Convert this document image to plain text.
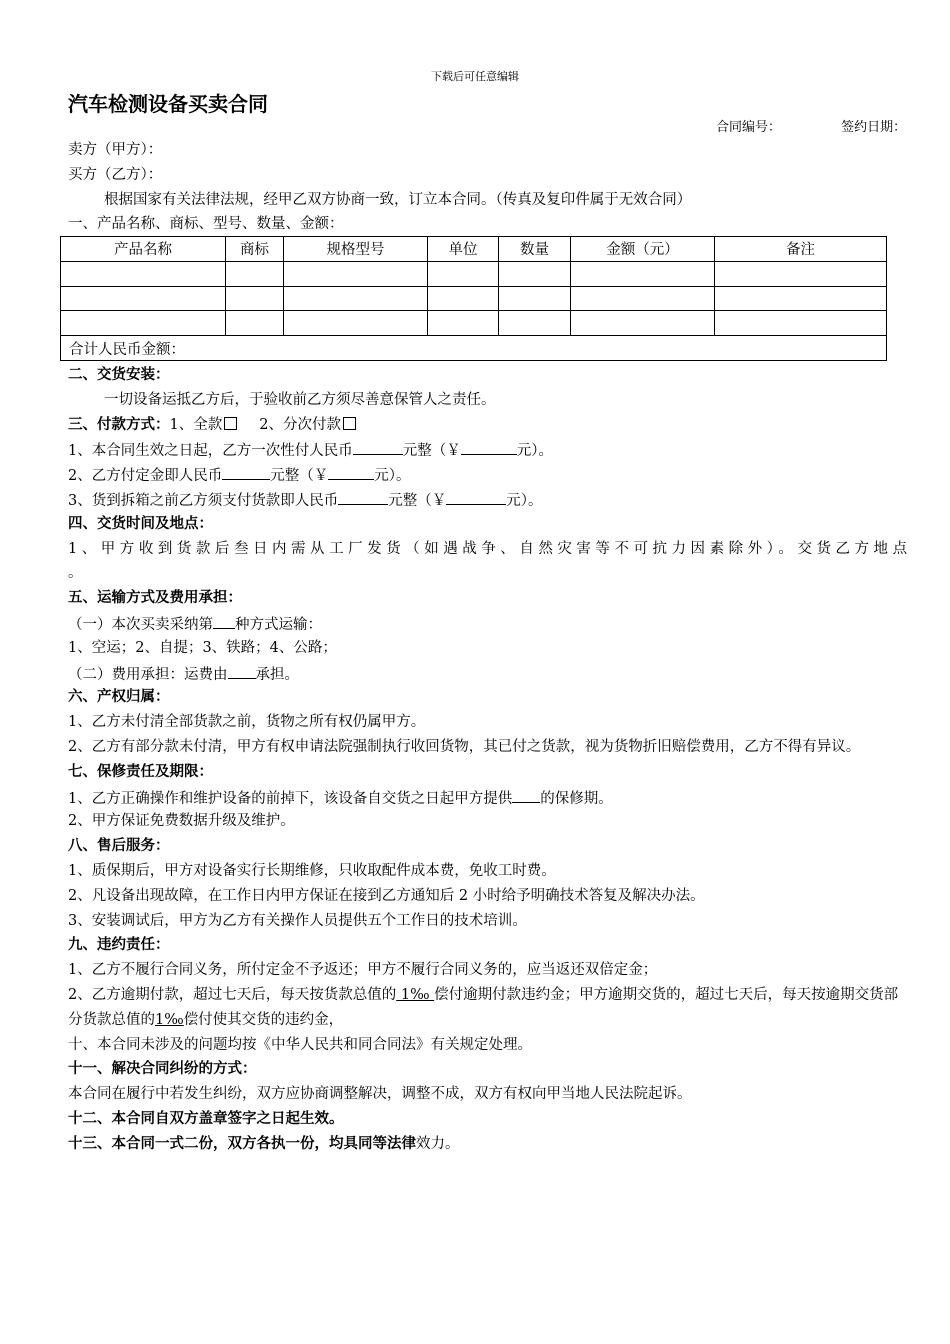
下载后可任意编辑
汽车检测设备买卖合同
合同编号：	签约日期：
卖方（甲方）：
买方（乙方）：
根据国家有关法律法规，经甲乙双方协商一致，订立本合同。（传真及复印件属于无效合同）
一、产品名称、商标、型号、数量、金额：
产品名称	商标	规格型号	单位	数量	金额（元）	备注

合计人民币金额：						
二、交货安装：
一切设备运抵乙方后，于验收前乙方须尽善意保管人之责任。
三、付款方式：1、全款	2、分次付款
1、本合同生效之日起，乙方一次性付人民币	元整（￥	元）。
2、乙方付定金即人民币	元整（￥	元）。
3、货到拆箱之前乙方须支付货款即人民币	元整（￥	元）。
四、交货时间及地点：
1、甲方收到货款后叁日内需从工厂发货（如遇战争、自然灾害等不可抗力因素除外）。交货乙方地点
。
五、运输方式及费用承担：
（一）本次买卖采纳第 种方式运输：
1、空运；2、自提；3、铁路；4、公路；
（二）费用承担：运费由 承担。
六、产权归属：
1、乙方未付清全部货款之前，货物之所有权仍属甲方。
2、乙方有部分款未付清，甲方有权申请法院强制执行收回货物，其已付之货款，视为货物折旧赔偿费用，乙方不得有异议。
七、保修责任及期限：
1、乙方正确操作和维护设备的前掉下，该设备自交货之日起甲方提供 的保修期。
2、甲方保证免费数据升级及维护。
八、售后服务：
1、质保期后，甲方对设备实行长期维修，只收取配件成本费，免收工时费。
2、凡设备出现故障，在工作日内甲方保证在接到乙方通知后 2 小时给予明确技术答复及解决办法。
3、安装调试后，甲方为乙方有关操作人员提供五个工作日的技术培训。
九、违约责任：
1、乙方不履行合同义务，所付定金不予返还；甲方不履行合同义务的，应当返还双倍定金；
2、乙方逾期付款，超过七天后，每天按货款总值的 1‰ 偿付逾期付款违约金；甲方逾期交货的，超过七天后，每天按逾期交货部分货款总值的1‰偿付使其交货的违约金，
十、本合同未涉及的问题均按《中华人民共和同合同法》有关规定处理。
十一、解决合同纠纷的方式：
本合同在履行中若发生纠纷，双方应协商调整解决，调整不成，双方有权向甲当地人民法院起诉。
十二、本合同自双方盖章签字之日起生效。
十三、本合同一式二份，双方各执一份，均具同等法律效力。
